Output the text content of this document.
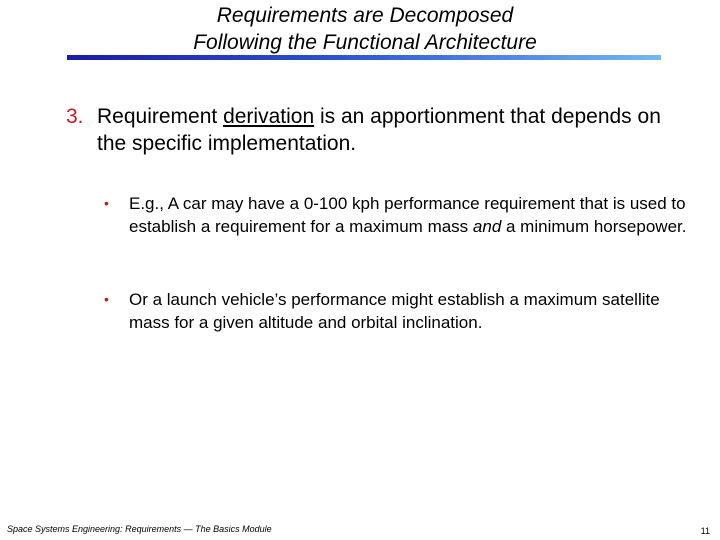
Requirements are Decomposed
Following the Functional Architecture
3. Requirement derivation is an apportionment that depends on the specific implementation.
•	E.g., A car may have a 0-100 kph performance requirement that is used to establish a requirement for a maximum mass and a minimum horsepower.
•	Or a launch vehicle’s performance might establish a maximum satellite mass for a given altitude and orbital inclination.
Space Systems Engineering: Requirements — The Basics Module	11
